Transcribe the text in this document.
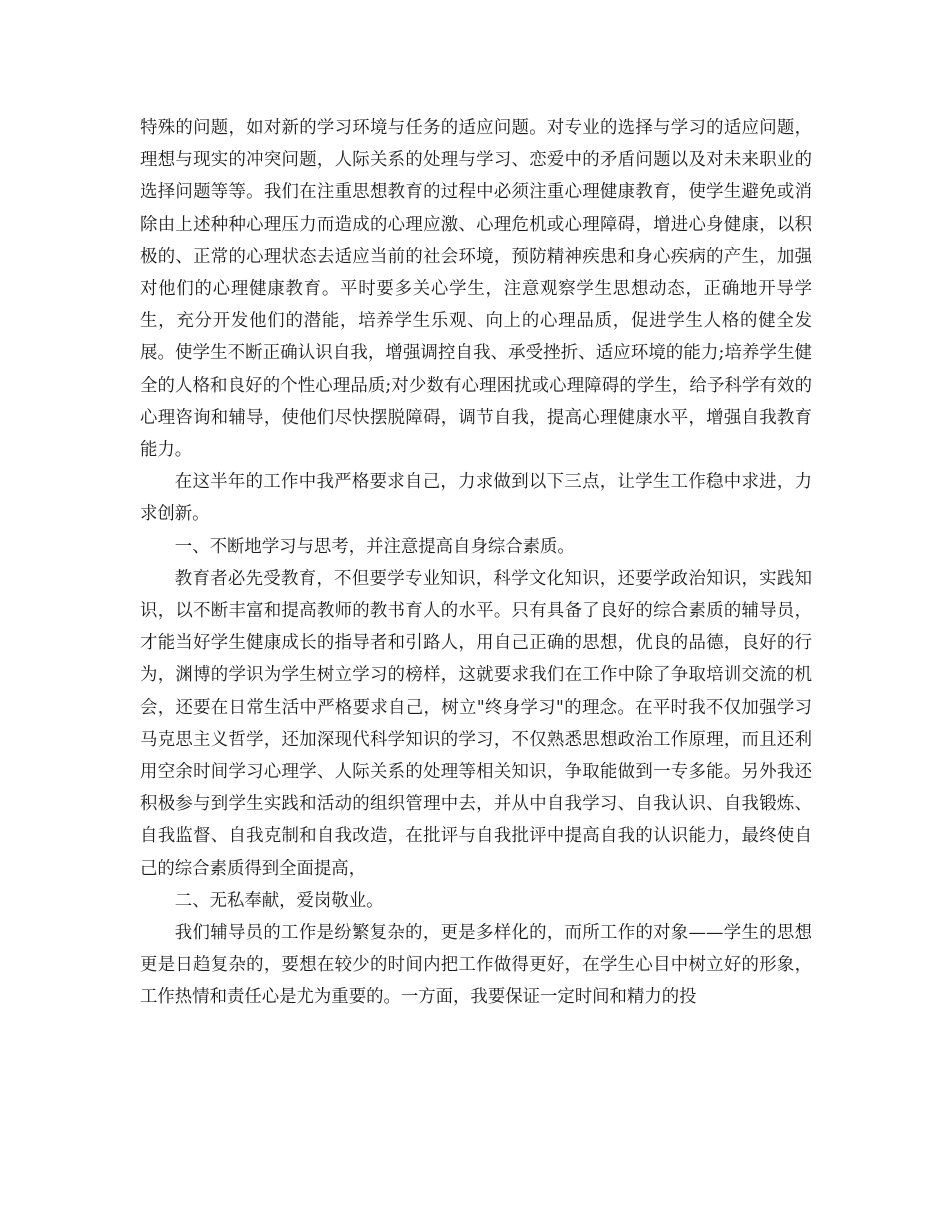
特殊的问题，如对新的学习环境与任务的适应问题。对专业的选择与学习的适应问题，理想与现实的冲突问题，人际关系的处理与学习、恋爱中的矛盾问题以及对未来职业的选择问题等等。我们在注重思想教育的过程中必须注重心理健康教育，使学生避免或消除由上述种种心理压力而造成的心理应激、心理危机或心理障碍，增进心身健康，以积极的、正常的心理状态去适应当前的社会环境，预防精神疾患和身心疾病的产生，加强对他们的心理健康教育。平时要多关心学生，注意观察学生思想动态，正确地开导学生，充分开发他们的潜能，培养学生乐观、向上的心理品质，促进学生人格的健全发展。使学生不断正确认识自我，增强调控自我、承受挫折、适应环境的能力;培养学生健全的人格和良好的个性心理品质;对少数有心理困扰或心理障碍的学生，给予科学有效的心理咨询和辅导，使他们尽快摆脱障碍，调节自我，提高心理健康水平，增强自我教育能力。

在这半年的工作中我严格要求自己，力求做到以下三点，让学生工作稳中求进，力求创新。

一、不断地学习与思考，并注意提高自身综合素质。

教育者必先受教育，不但要学专业知识，科学文化知识，还要学政治知识，实践知识，以不断丰富和提高教师的教书育人的水平。只有具备了良好的综合素质的辅导员，才能当好学生健康成长的指导者和引路人，用自己正确的思想，优良的品德，良好的行为，渊博的学识为学生树立学习的榜样，这就要求我们在工作中除了争取培训交流的机会，还要在日常生活中严格要求自己，树立"终身学习"的理念。在平时我不仅加强学习马克思主义哲学，还加深现代科学知识的学习，不仅熟悉思想政治工作原理，而且还利用空余时间学习心理学、人际关系的处理等相关知识，争取能做到一专多能。另外我还积极参与到学生实践和活动的组织管理中去，并从中自我学习、自我认识、自我锻炼、自我监督、自我克制和自我改造，在批评与自我批评中提高自我的认识能力，最终使自己的综合素质得到全面提高，

二、无私奉献，爱岗敬业。

我们辅导员的工作是纷繁复杂的，更是多样化的，而所工作的对象——学生的思想更是日趋复杂的，要想在较少的时间内把工作做得更好，在学生心目中树立好的形象，工作热情和责任心是尤为重要的。一方面，我要保证一定时间和精力的投
